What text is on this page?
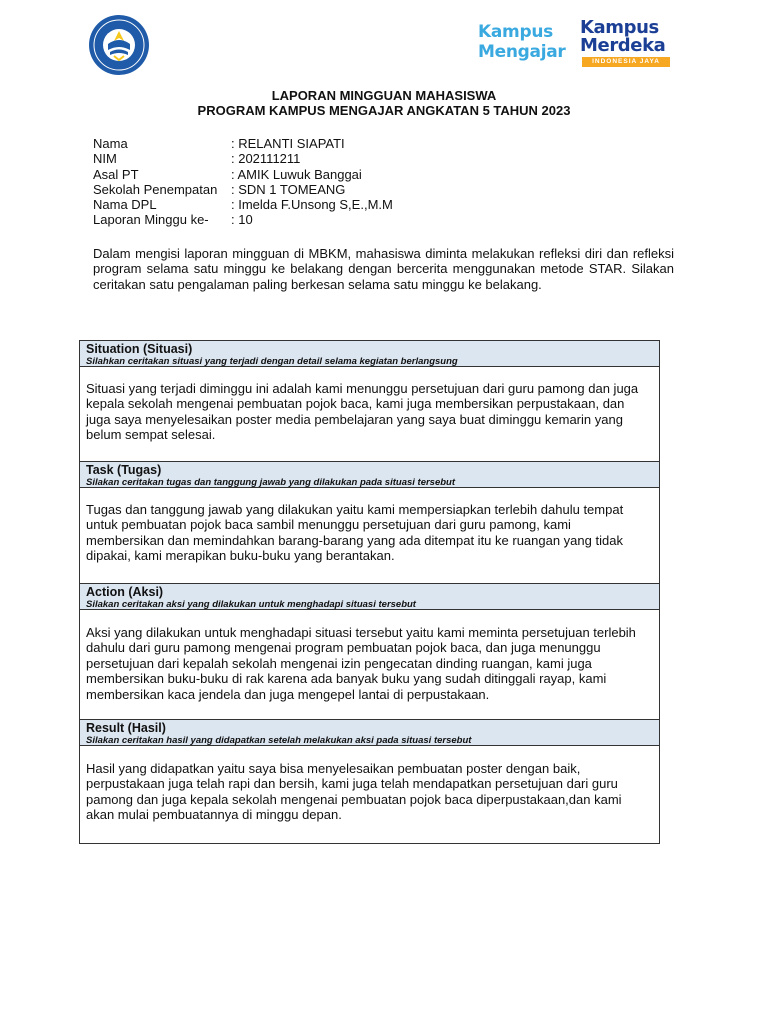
Kampus
Mengajar
Kampus
Merdeka
INDONESIA JAYA
LAPORAN MINGGUAN MAHASISWA
PROGRAM KAMPUS MENGAJAR ANGKATAN 5 TAHUN 2023
Nama	: RELANTI SIAPATI
NIM	: 202111211
Asal PT	: AMIK Luwuk Banggai
Sekolah Penempatan : SDN 1 TOMEANG
Nama DPL	: Imelda F.Unsong S,E.,M.M
Laporan Minggu ke- : 10
Dalam mengisi laporan mingguan di MBKM, mahasiswa diminta melakukan refleksi diri dan refleksi program selama satu minggu ke belakang dengan bercerita menggunakan metode STAR. Silakan ceritakan satu pengalaman paling berkesan selama satu minggu ke belakang.
Situation (Situasi)
Silahkan ceritakan situasi yang terjadi dengan detail selama kegiatan berlangsung

Situasi yang terjadi diminggu ini adalah kami menunggu persetujuan dari guru pamong dan juga kepala sekolah mengenai pembuatan pojok baca, kami juga membersikan perpustakaan, dan juga saya menyelesaikan poster media pembelajaran yang saya buat diminggu kemarin yang belum sempat selesai.

Task (Tugas)
Silakan ceritakan tugas dan tanggung jawab yang dilakukan pada situasi tersebut

Tugas dan tanggung jawab yang dilakukan yaitu kami mempersiapkan terlebih dahulu tempat untuk pembuatan pojok baca sambil menunggu persetujuan dari guru pamong, kami membersikan dan memindahkan barang-barang yang ada ditempat itu ke ruangan yang tidak dipakai, kami merapikan buku-buku yang berantakan.

Action (Aksi)
Silakan ceritakan aksi yang dilakukan untuk menghadapi situasi tersebut

Aksi yang dilakukan untuk menghadapi situasi tersebut yaitu kami meminta persetujuan terlebih dahulu dari guru pamong mengenai program pembuatan pojok baca, dan juga menunggu persetujuan dari kepalah sekolah mengenai izin pengecatan dinding ruangan, kami juga membersikan buku-buku di rak karena ada banyak buku yang sudah ditinggali rayap, kami membersikan kaca jendela dan juga mengepel lantai di perpustakaan.

Result (Hasil)
Silakan ceritakan hasil yang didapatkan setelah melakukan aksi pada situasi tersebut

Hasil yang didapatkan yaitu saya bisa menyelesaikan pembuatan poster dengan baik, perpustakaan juga telah rapi dan bersih, kami juga telah mendapatkan persetujuan dari guru pamong dan juga kepala sekolah mengenai pembuatan pojok baca diperpustakaan,dan kami akan mulai pembuatannya di minggu depan.
